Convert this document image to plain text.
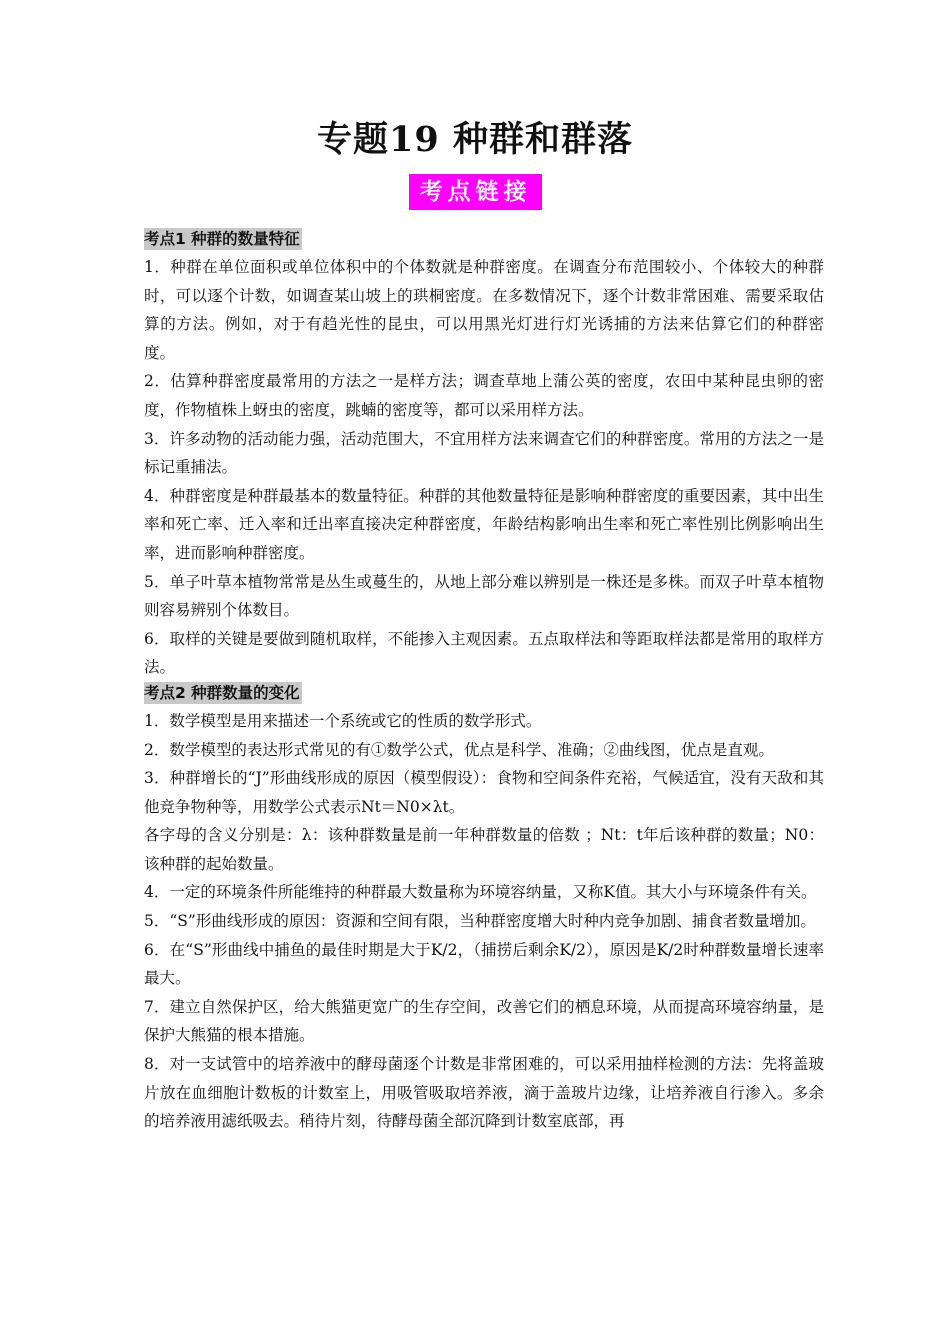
专题19 种群和群落
考点链接
考点1 种群的数量特征

1．种群在单位面积或单位体积中的个体数就是种群密度。在调查分布范围较小、个体较大的种群时，可以逐个计数，如调查某山坡上的珙桐密度。在多数情况下，逐个计数非常困难、需要采取估算的方法。例如，对于有趋光性的昆虫，可以用黑光灯进行灯光诱捕的方法来估算它们的种群密度。

2．估算种群密度最常用的方法之一是样方法；调查草地上蒲公英的密度，农田中某种昆虫卵的密度，作物植株上蚜虫的密度，跳蝻的密度等，都可以采用样方法。

3．许多动物的活动能力强，活动范围大，不宜用样方法来调查它们的种群密度。常用的方法之一是标记重捕法。

4．种群密度是种群最基本的数量特征。种群的其他数量特征是影响种群密度的重要因素，其中出生率和死亡率、迁入率和迁出率直接决定种群密度，年龄结构影响出生率和死亡率性别比例影响出生率，进而影响种群密度。

5．单子叶草本植物常常是丛生或蔓生的，从地上部分难以辨别是一株还是多株。而双子叶草本植物则容易辨别个体数目。

6．取样的关键是要做到随机取样，不能掺入主观因素。五点取样法和等距取样法都是常用的取样方法。

考点2 种群数量的变化

1．数学模型是用来描述一个系统或它的性质的数学形式。

2．数学模型的表达形式常见的有①数学公式，优点是科学、准确；②曲线图，优点是直观。

3．种群增长的“J”形曲线形成的原因（模型假设）：食物和空间条件充裕，气候适宜，没有天敌和其他竞争物种等，用数学公式表示Nt＝N0×λt。

各字母的含义分别是：λ：该种群数量是前一年种群数量的倍数 ；Nt：t年后该种群的数量；N0：该种群的起始数量。

4．一定的环境条件所能维持的种群最大数量称为环境容纳量，又称K值。其大小与环境条件有关。

5．“S”形曲线形成的原因：资源和空间有限，当种群密度增大时种内竞争加剧、捕食者数量增加。

6．在“S”形曲线中捕鱼的最佳时期是大于K/2，（捕捞后剩余K/2），原因是K/2时种群数量增长速率最大。

7．建立自然保护区，给大熊猫更宽广的生存空间，改善它们的栖息环境，从而提高环境容纳量，是保护大熊猫的根本措施。

8．对一支试管中的培养液中的酵母菌逐个计数是非常困难的，可以采用抽样检测的方法：先将盖玻片放在血细胞计数板的计数室上，用吸管吸取培养液，滴于盖玻片边缘，让培养液自行渗入。多余的培养液用滤纸吸去。稍待片刻，待酵母菌全部沉降到计数室底部，再
